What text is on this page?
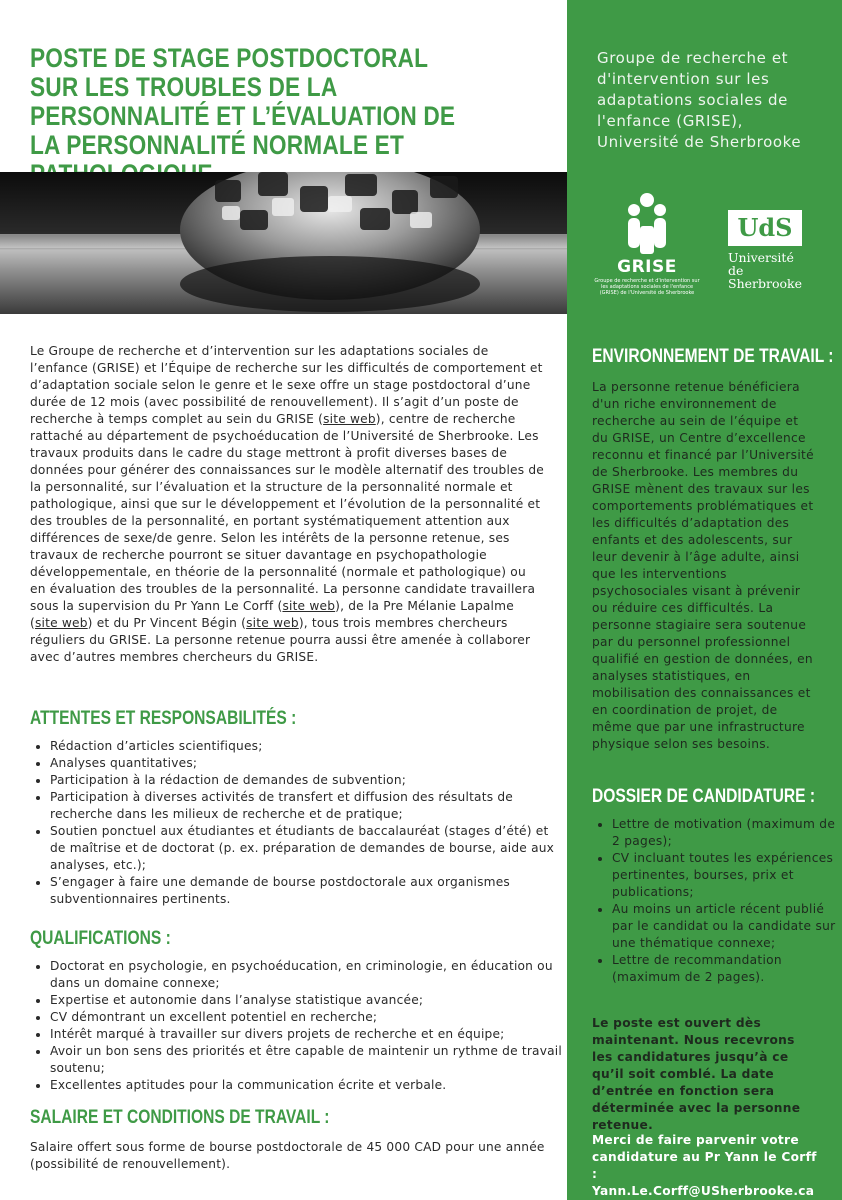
POSTE DE STAGE POSTDOCTORAL SUR LES TROUBLES DE LA PERSONNALITÉ ET L’ÉVALUATION DE LA PERSONNALITÉ NORMALE ET

Groupe de recherche et d'intervention sur les adaptations sociales de l'enfance (GRISE), Université de Sherbrooke

GRISE
Groupe de recherche et d'intervention sur les adaptations sociales de l'enfance (GRISE) de l'Université de Sherbrooke
UdS
Université de
Sherbrooke

Le Groupe de recherche et d’intervention sur les adaptations sociales de l’enfance (GRISE) et l’Équipe de recherche sur les difficultés de comportement et d’adaptation sociale selon le genre et le sexe offre un stage postdoctoral d’une durée de 12 mois (avec possibilité de renouvellement). Il s’agit d’un poste de recherche à temps complet au sein du GRISE (site web), centre de recherche rattaché au département de psychoéducation de l’Université de Sherbrooke. Les travaux produits dans le cadre du stage mettront à profit diverses bases de données pour générer des connaissances sur le modèle alternatif des troubles de la personnalité, sur l’évaluation et la structure de la personnalité normale et pathologique, ainsi que sur le développement et l’évolution de la personnalité et des troubles de la personnalité, en portant systématiquement attention aux différences de sexe/de genre. Selon les intérêts de la personne retenue, ses travaux de recherche pourront se situer davantage en psychopathologie développementale, en théorie de la personnalité (normale et pathologique) ou en évaluation des troubles de la personnalité. La personne candidate travaillera sous la supervision du Pr Yann Le Corff (site web), de la Pre Mélanie Lapalme (site web) et du Pr Vincent Bégin (site web), tous trois membres chercheurs réguliers du GRISE. La personne retenue pourra aussi être amenée à collaborer avec d’autres membres chercheurs du GRISE.

ATTENTES ET RESPONSABILITÉS :
• Rédaction d’articles scientifiques;
• Analyses quantitatives;
• Participation à la rédaction de demandes de subvention;
• Participation à diverses activités de transfert et diffusion des résultats de recherche dans les milieux de recherche et de pratique;
• Soutien ponctuel aux étudiantes et étudiants de baccalauréat (stages d’été) et de maîtrise et de doctorat (p. ex. préparation de demandes de bourse, aide aux analyses, etc.);
• S’engager à faire une demande de bourse postdoctorale aux organismes subventionnaires pertinents.
QUALIFICATIONS :
• Doctorat en psychologie, en psychoéducation, en criminologie, en éducation ou dans un domaine connexe;
• Expertise et autonomie dans l’analyse statistique avancée;
• CV démontrant un excellent potentiel en recherche;
• Intérêt marqué à travailler sur divers projets de recherche et en équipe;
• Avoir un bon sens des priorités et être capable de maintenir un rythme de travail soutenu;
• Excellentes aptitudes pour la communication écrite et verbale.
SALAIRE ET CONDITIONS DE TRAVAIL :

Salaire offert sous forme de bourse postdoctorale de 45 000 CAD pour une année (possibilité de renouvellement).

ENVIRONNEMENT DE TRAVAIL :

La personne retenue bénéficiera d'un riche environnement de recherche au sein de l’équipe et du GRISE, un Centre d’excellence reconnu et financé par l’Université de Sherbrooke. Les membres du GRISE mènent des travaux sur les comportements problématiques et les difficultés d’adaptation des enfants et des adolescents, sur leur devenir à l’âge adulte, ainsi que les interventions psychosociales visant à prévenir ou réduire ces difficultés. La personne stagiaire sera soutenue par du personnel professionnel qualifié en gestion de données, en analyses statistiques, en mobilisation des connaissances et en coordination de projet, de même que par une infrastructure physique selon ses besoins.

DOSSIER DE CANDIDATURE :
• Lettre de motivation (maximum de 2 pages);
• CV incluant toutes les expériences pertinentes, bourses, prix et publications;
• Au moins un article récent publié par le candidat ou la candidate sur une thématique connexe;
• Lettre de recommandation (maximum de 2 pages).

Le poste est ouvert dès maintenant. Nous recevrons les candidatures jusqu’à ce qu’il soit comblé. La date d’entrée en fonction sera déterminée avec la personne retenue.

Merci de faire parvenir votre candidature au Pr Yann le Corff : Yann.Le.Corff@USherbrooke.ca
